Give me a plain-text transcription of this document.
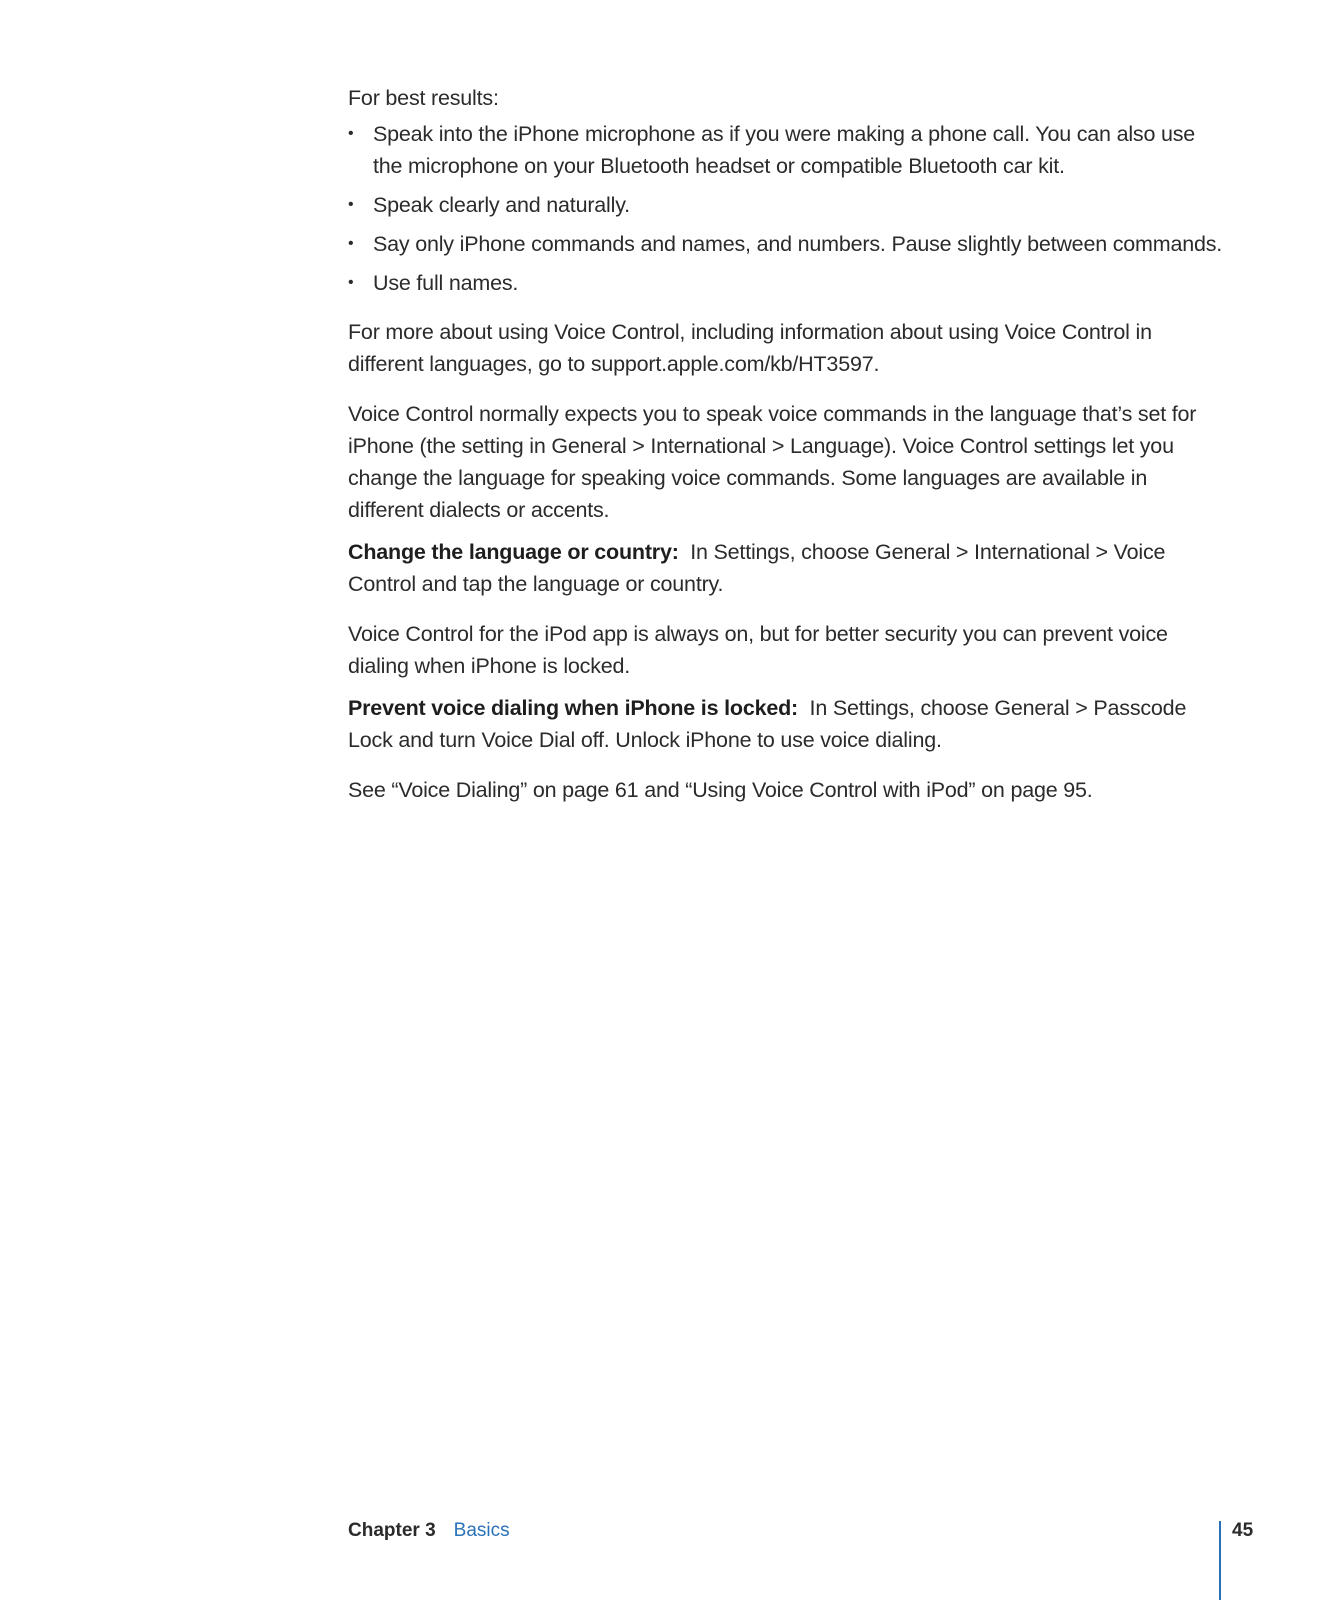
For best results:

• Speak into the iPhone microphone as if you were making a phone call. You can also use the microphone on your Bluetooth headset or compatible Bluetooth car kit.
• Speak clearly and naturally.
• Say only iPhone commands and names, and numbers. Pause slightly between commands.
• Use full names.

For more about using Voice Control, including information about using Voice Control in different languages, go to support.apple.com/kb/HT3597.

Voice Control normally expects you to speak voice commands in the language that’s set for iPhone (the setting in General > International > Language). Voice Control settings let you change the language for speaking voice commands. Some languages are available in different dialects or accents.

Change the language or country: In Settings, choose General > International > Voice Control and tap the language or country.

Voice Control for the iPod app is always on, but for better security you can prevent voice dialing when iPhone is locked.

Prevent voice dialing when iPhone is locked: In Settings, choose General > Passcode Lock and turn Voice Dial off. Unlock iPhone to use voice dialing.

See “Voice Dialing” on page 61 and “Using Voice Control with iPod” on page 95.

Chapter 3 Basics	45
